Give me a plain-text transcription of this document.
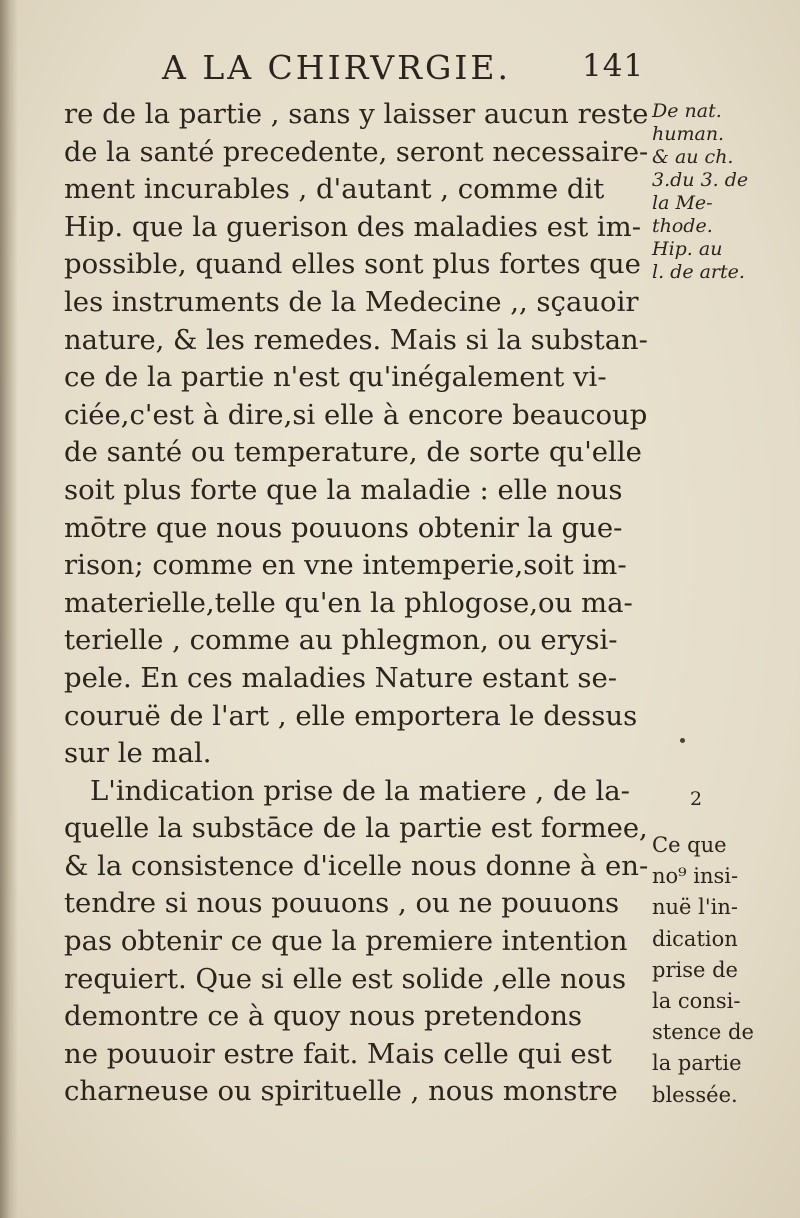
A LA CHIRVRGIE. 141
re de la partie , sans y laisser aucun reste
de la santé precedente, seront necessaire-
ment incurables , d'autant , comme dit
Hip. que la guerison des maladies est im-
possible, quand elles sont plus fortes que
les instruments de la Medecine ,, sçauoir
nature, & les remedes. Mais si la substan-
ce de la partie n'est qu'inégalement vi-
ciée,c'est à dire,si elle à encore beaucoup
de santé ou temperature, de sorte qu'elle
soit plus forte que la maladie : elle nous
mōtre que nous pouuons obtenir la gue-
rison; comme en vne intemperie,soit im-
materielle,telle qu'en la phlogose,ou ma-
terielle , comme au phlegmon, ou erysi-
pele. En ces maladies Nature estant se-
couruë de l'art , elle emportera le dessus
sur le mal.
L'indication prise de la matiere , de la-
quelle la substāce de la partie est formee,
& la consistence d'icelle nous donne à en-
tendre si nous pouuons , ou ne pouuons
pas obtenir ce que la premiere intention
requiert. Que si elle est solide ,elle nous
demontre ce à quoy nous pretendons
ne pouuoir estre fait. Mais celle qui est
charneuse ou spirituelle , nous monstre
De nat.
human.
& au ch.
3.du 3. de
la Me-
thode.
Hip. au
l. de arte.
2
Ce que
no⁹ insi-
nuë l'in-
dication
prise de
la consi-
stence de
la partie
blessée.
